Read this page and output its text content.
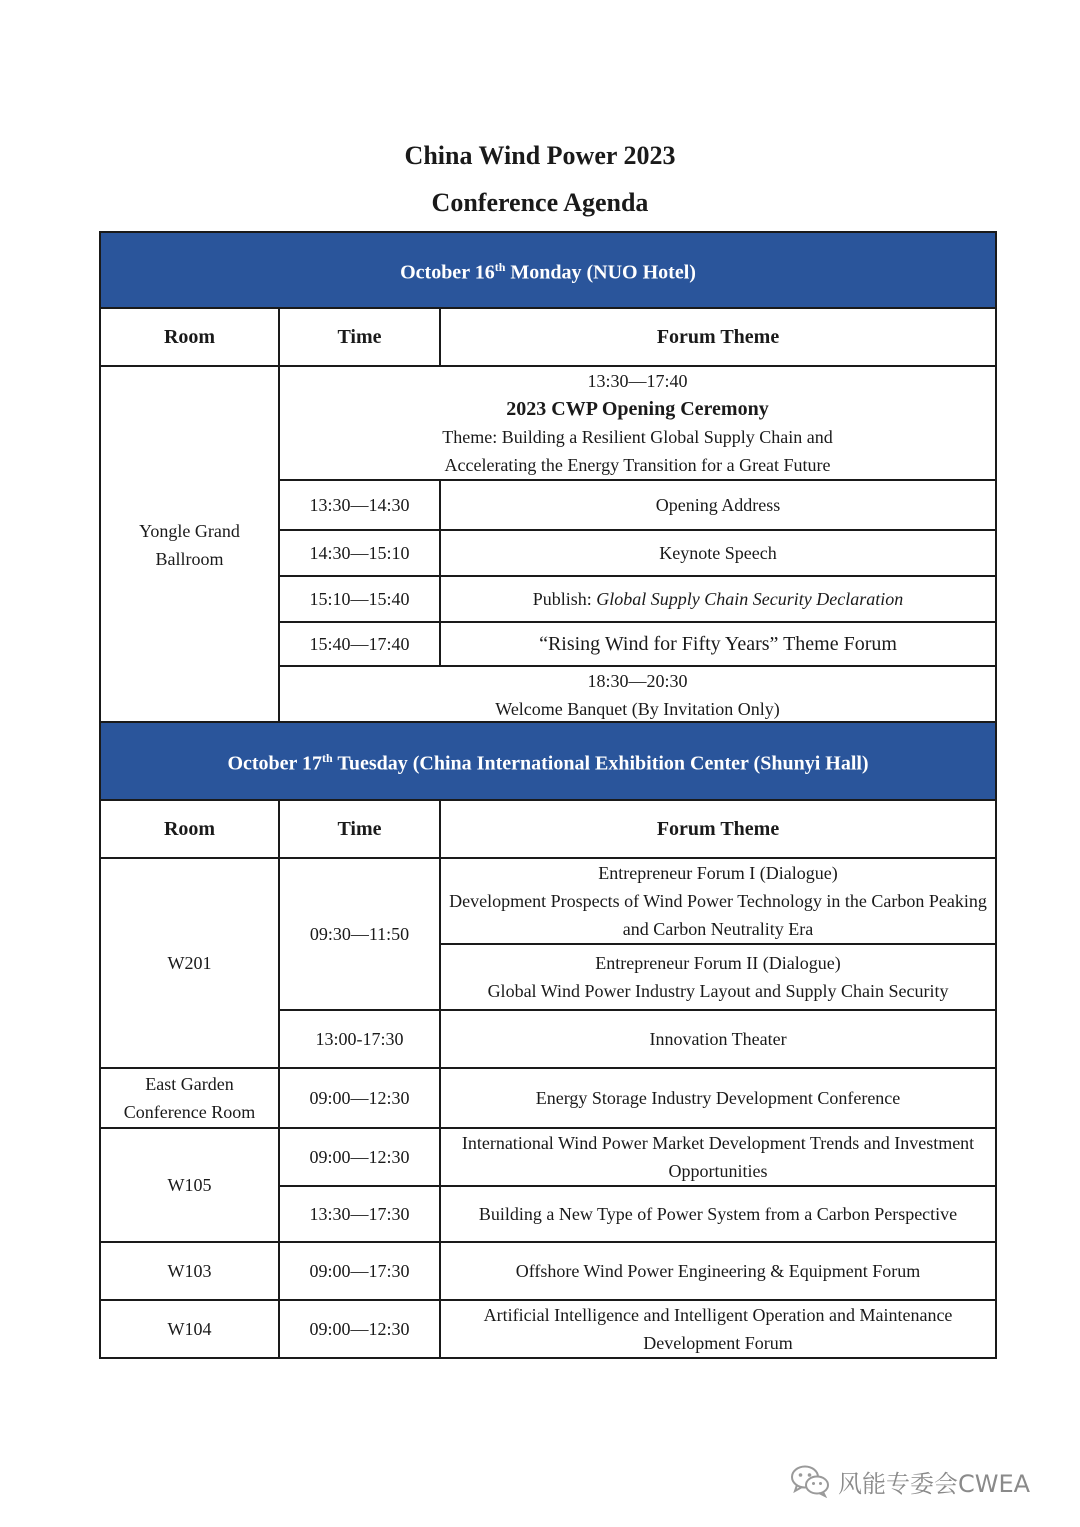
China Wind Power 2023
Conference Agenda
October 16th Monday (NUO Hotel)		
Room	Time	Forum Theme

Yongle Grand Ballroom	13:30—17:40
2023 CWP Opening Ceremony
Theme: Building a Resilient Global Supply Chain and
Accelerating the Energy Transition for a Great Future	

	13:30—14:30	Opening Address
	14:30—15:10	Keynote Speech
	15:10—15:40	Publish: Global Supply Chain Security Declaration
	15:40—17:40	“Rising Wind for Fifty Years” Theme Forum

	18:30—20:30
Welcome Banquet (By Invitation Only)	
October 17th Tuesday (China International Exhibition Center (Shunyi Hall)		
Room	Time	Forum Theme
W201	09:30—11:50	Entrepreneur Forum I (Dialogue)
Development Prospects of Wind Power Technology in the Carbon Peaking and Carbon Neutrality Era

		Entrepreneur Forum II (Dialogue)
Global Wind Power Industry Layout and Supply Chain Security

	13:00-17:30	Innovation Theater
East Garden Conference Room	09:00—12:30	Energy Storage Industry Development Conference
W105	09:00—12:30	International Wind Power Market Development Trends and Investment Opportunities
	13:30—17:30	Building a New Type of Power System from a Carbon Perspective
W103	09:00—17:30	Offshore Wind Power Engineering & Equipment Forum
W104	09:00—12:30	Artificial Intelligence and Intelligent Operation and Maintenance Development Forum
风能专委会CWEA
